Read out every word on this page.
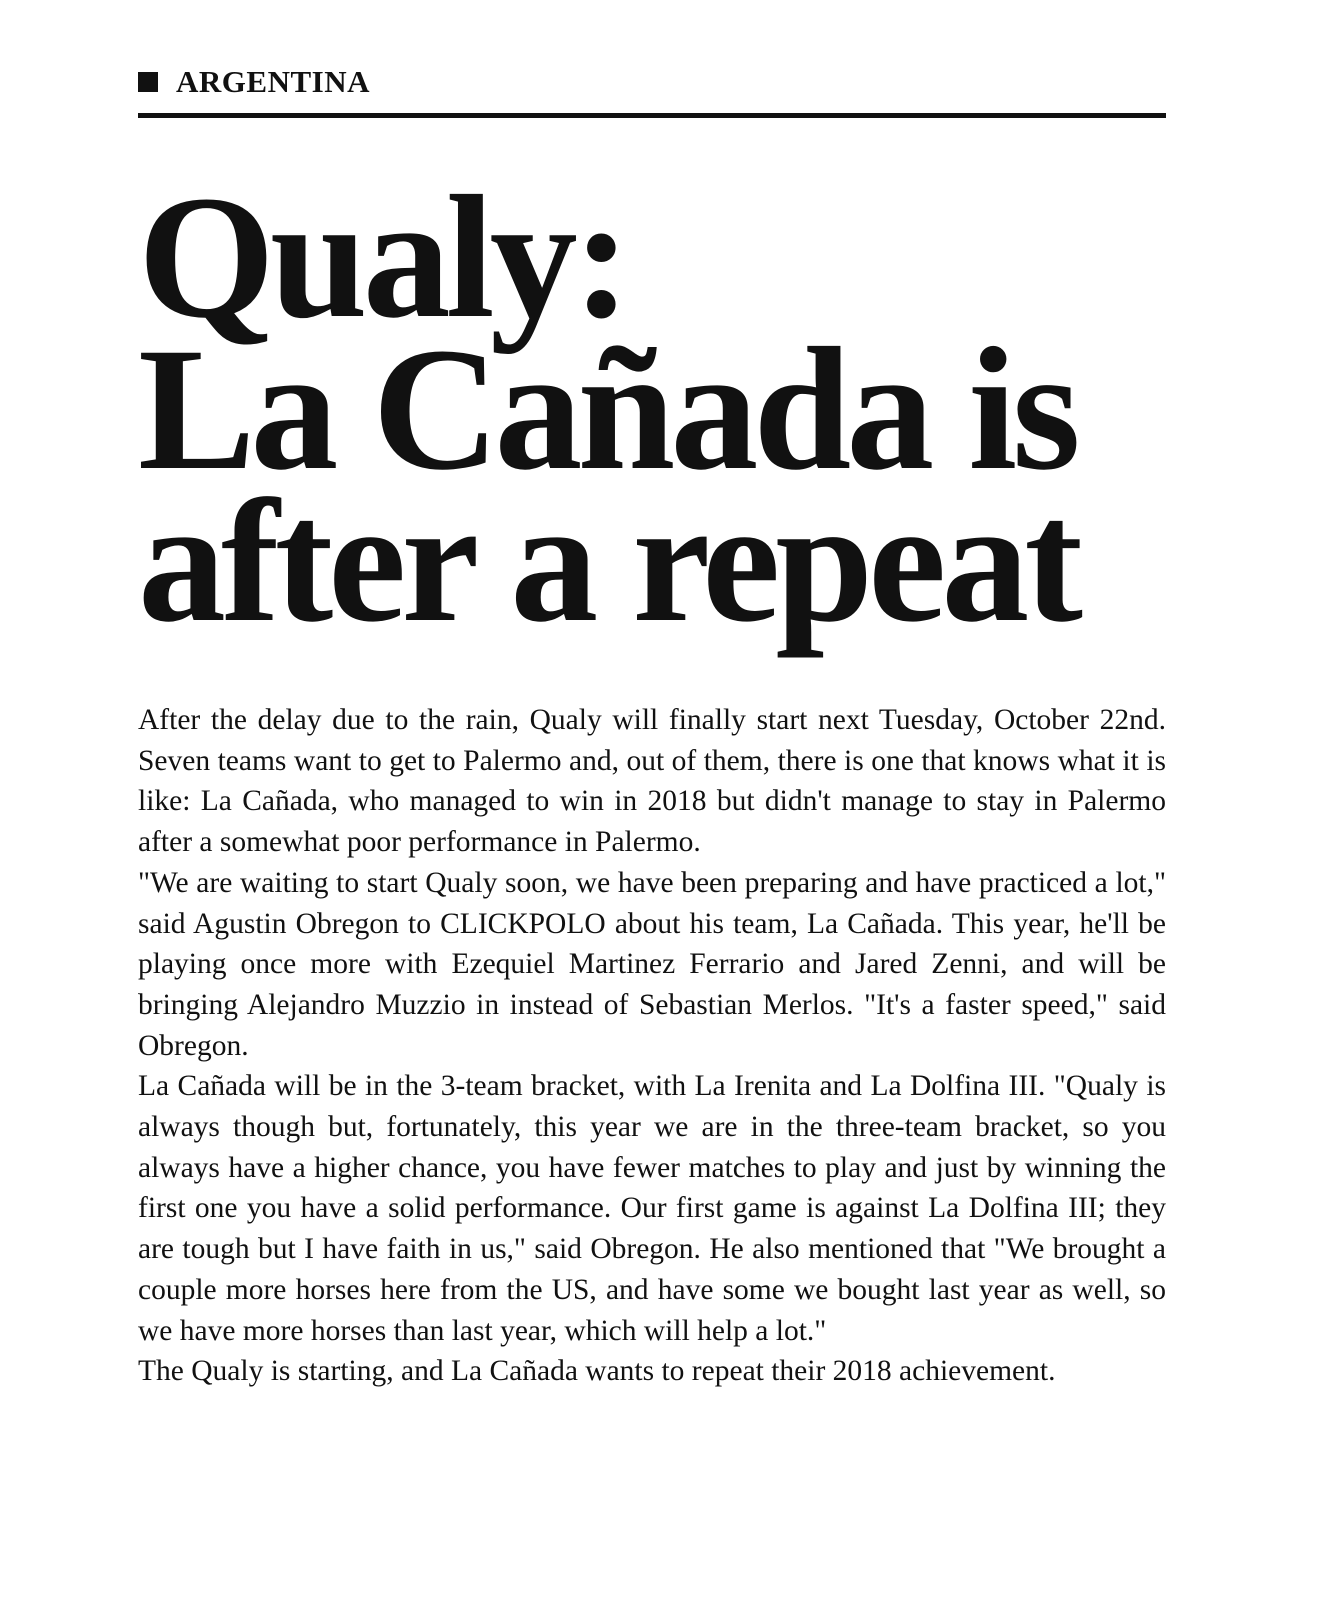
ARGENTINA
Qualy:
La Cañada is
after a repeat

After the delay due to the rain, Qualy will finally start next Tuesday, October 22nd. Seven teams want to get to Palermo and, out of them, there is one that knows what it is like: La Cañada, who managed to win in 2018 but didn't manage to stay in Palermo after a somewhat poor performance in Palermo.

"We are waiting to start Qualy soon, we have been preparing and have practiced a lot," said Agustin Obregon to CLICKPOLO about his team, La Cañada. This year, he'll be playing once more with Ezequiel Martinez Ferrario and Jared Zenni, and will be bringing Alejandro Muzzio in instead of Sebastian Merlos. "It's a faster speed," said Obregon.

La Cañada will be in the 3-team bracket, with La Irenita and La Dolfina III. "Qualy is always though but, fortunately, this year we are in the three-team bracket, so you always have a higher chance, you have fewer matches to play and just by winning the first one you have a solid performance. Our first game is against La Dolfina III; they are tough but I have faith in us," said Obregon. He also mentioned that "We brought a couple more horses here from the US, and have some we bought last year as well, so we have more horses than last year, which will help a lot."

The Qualy is starting, and La Cañada wants to repeat their 2018 achievement.
